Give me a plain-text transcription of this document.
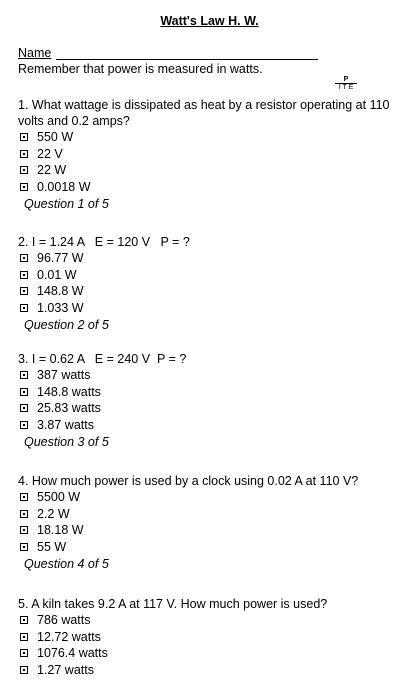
Watt's Law H. W.
Name
Remember that power is measured in watts.
P
I T E
1. What wattage is dissipated as heat by a resistor operating at 110 volts and 0.2 amps?
550 W
22 V
22 W
0.0018 W
Question 1 of 5
2. I = 1.24 A   E = 120 V   P = ?
96.77 W
0.01 W
148.8 W
1.033 W
Question 2 of 5
3. I = 0.62 A   E = 240 V  P = ?
387 watts
148.8 watts
25.83 watts
3.87 watts
Question 3 of 5
4. How much power is used by a clock using 0.02 A at 110 V?
5500 W
2.2 W
18.18 W
55 W
Question 4 of 5
5. A kiln takes 9.2 A at 117 V. How much power is used?
786 watts
12.72 watts
1076.4 watts
1.27 watts
